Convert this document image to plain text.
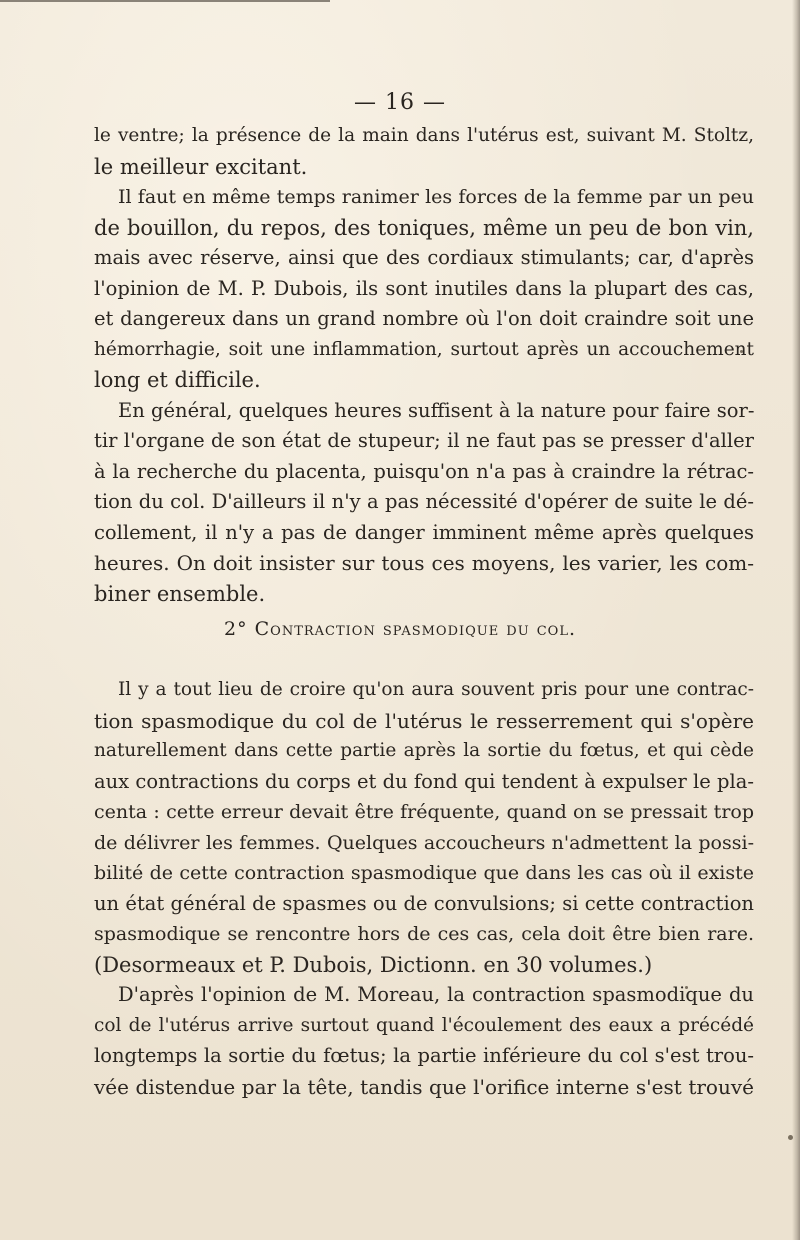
— 16 —
le ventre; la présence de la main dans l'utérus est, suivant M. Stoltz,
le meilleur excitant.
Il faut en même temps ranimer les forces de la femme par un peu
de bouillon, du repos, des toniques, même un peu de bon vin,
mais avec réserve, ainsi que des cordiaux stimulants; car, d'après
l'opinion de M. P. Dubois, ils sont inutiles dans la plupart des cas,
et dangereux dans un grand nombre où l'on doit craindre soit une
hémorrhagie, soit une inflammation, surtout après un accouchement
long et difficile.
En général, quelques heures suffisent à la nature pour faire sor-
tir l'organe de son état de stupeur; il ne faut pas se presser d'aller
à la recherche du placenta, puisqu'on n'a pas à craindre la rétrac-
tion du col. D'ailleurs il n'y a pas nécessité d'opérer de suite le dé-
collement, il n'y a pas de danger imminent même après quelques
heures. On doit insister sur tous ces moyens, les varier, les com-
biner ensemble.
2° Contraction spasmodique du col.
Il y a tout lieu de croire qu'on aura souvent pris pour une contrac-
tion spasmodique du col de l'utérus le resserrement qui s'opère
naturellement dans cette partie après la sortie du fœtus, et qui cède
aux contractions du corps et du fond qui tendent à expulser le pla-
centa : cette erreur devait être fréquente, quand on se pressait trop
de délivrer les femmes. Quelques accoucheurs n'admettent la possi-
bilité de cette contraction spasmodique que dans les cas où il existe
un état général de spasmes ou de convulsions; si cette contraction
spasmodique se rencontre hors de ces cas, cela doit être bien rare.
(Desormeaux et P. Dubois, Dictionn. en 30 volumes.)
D'après l'opinion de M. Moreau, la contraction spasmodique du
col de l'utérus arrive surtout quand l'écoulement des eaux a précédé
longtemps la sortie du fœtus; la partie inférieure du col s'est trou-
vée distendue par la tête, tandis que l'orifice interne s'est trouvé
